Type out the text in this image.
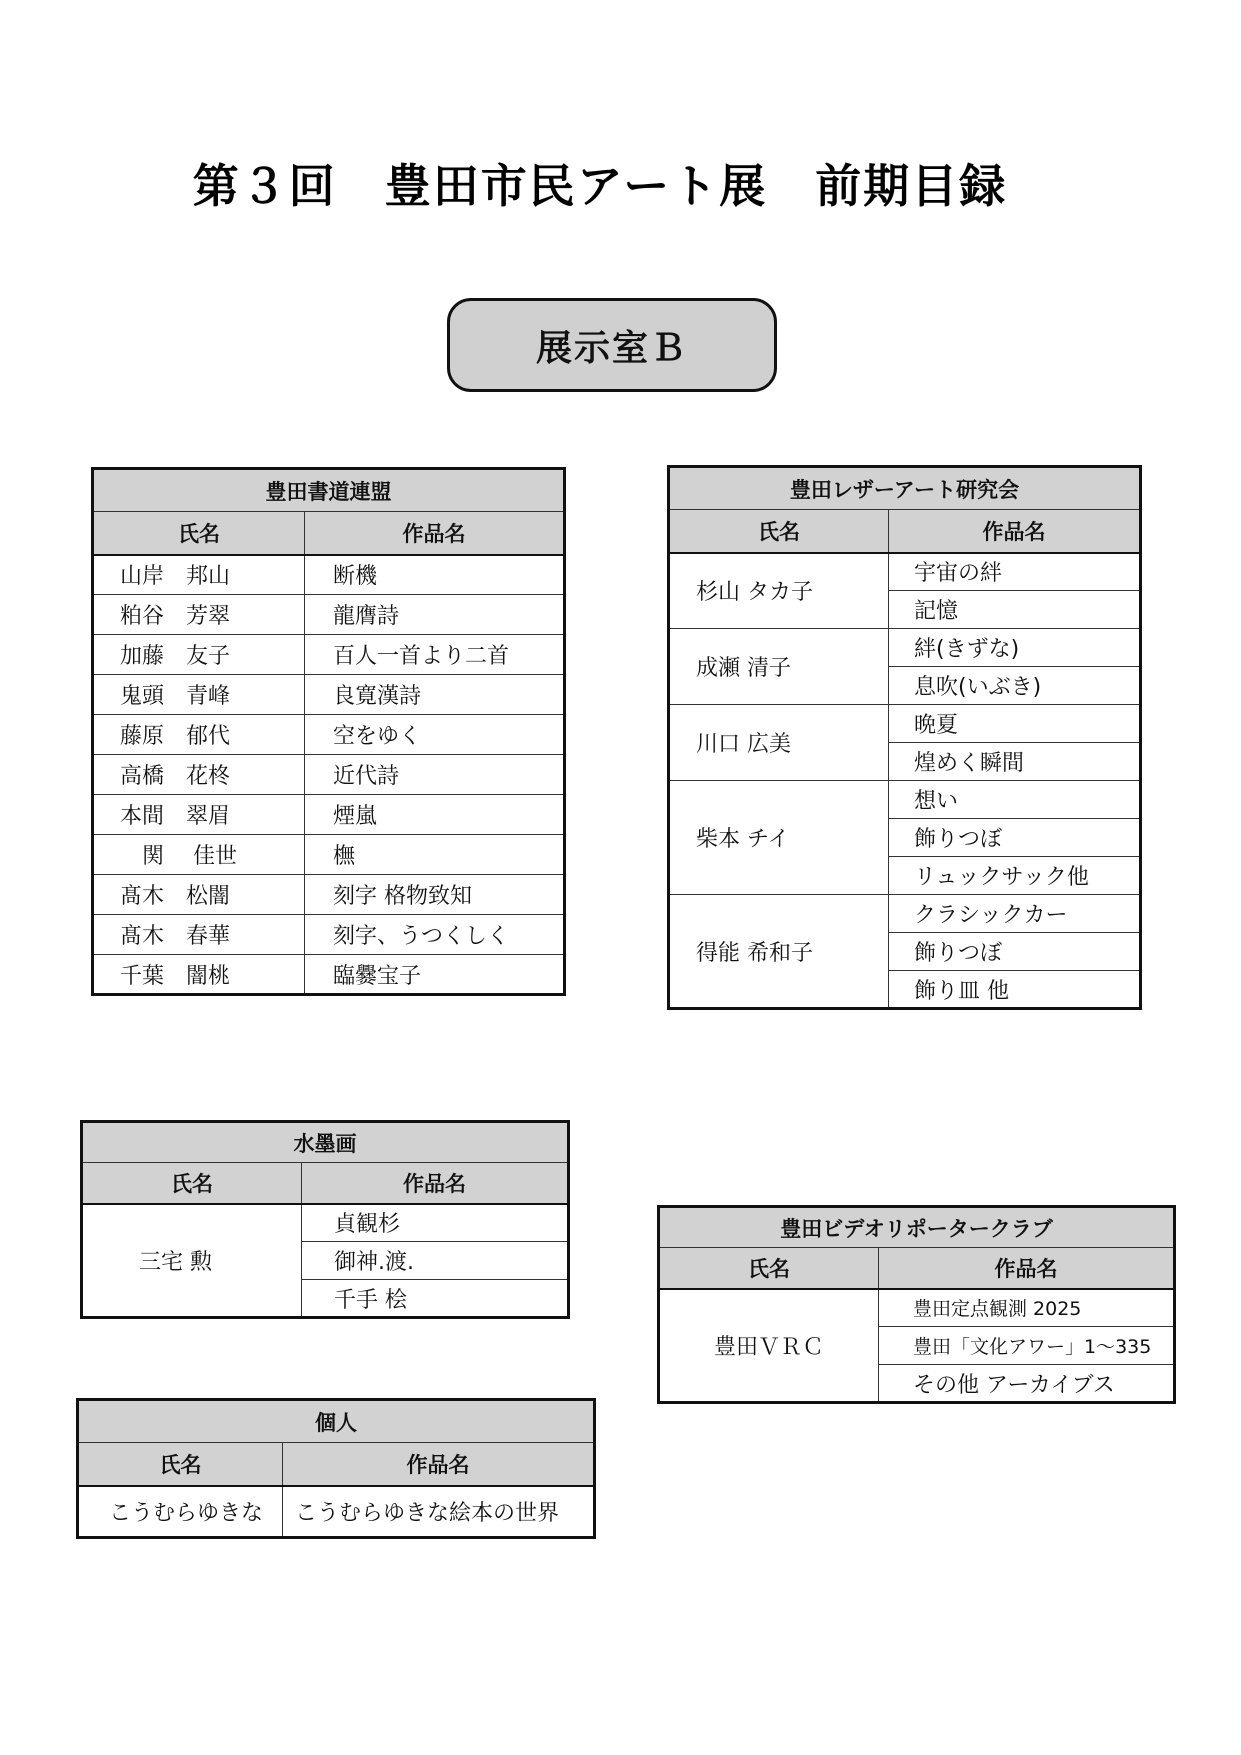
第３回　豊田市民アート展　前期目録
展示室Ｂ
豊田書道連盟	
氏名	作品名
山岸　邦山	断機
粕谷　芳翠	龍膺詩
加藤　友子	百人一首より二首
鬼頭　青峰	良寛漢詩
藤原　郁代	空をゆく
高橋　花柊	近代詩
本間　翠眉	煙嵐
　関　 佳世	橅
髙木　松闇	刻字 格物致知
髙木　春華	刻字、うつくしく
千葉　闇桃	臨爨宝子
豊田レザーアート研究会	
氏名	作品名
杉山 タカ子	宇宙の絆
	記憶
成瀬 清子	絆(きずな)
	息吹(いぶき)
川口 広美	晩夏
	煌めく瞬間
柴本 チイ	想い
	飾りつぼ
	リュックサック他
得能 希和子	クラシックカー
	飾りつぼ
	飾り皿 他
水墨画	
氏名	作品名
三宅 勲	貞観杉
	御神.渡.
	千手 桧
豊田ビデオリポータークラブ	
氏名	作品名
豊田ＶＲＣ	豊田定点観測 2025
	豊田「文化アワー」1～335
	その他 アーカイブス
個人	
氏名	作品名
こうむらゆきな	こうむらゆきな絵本の世界
